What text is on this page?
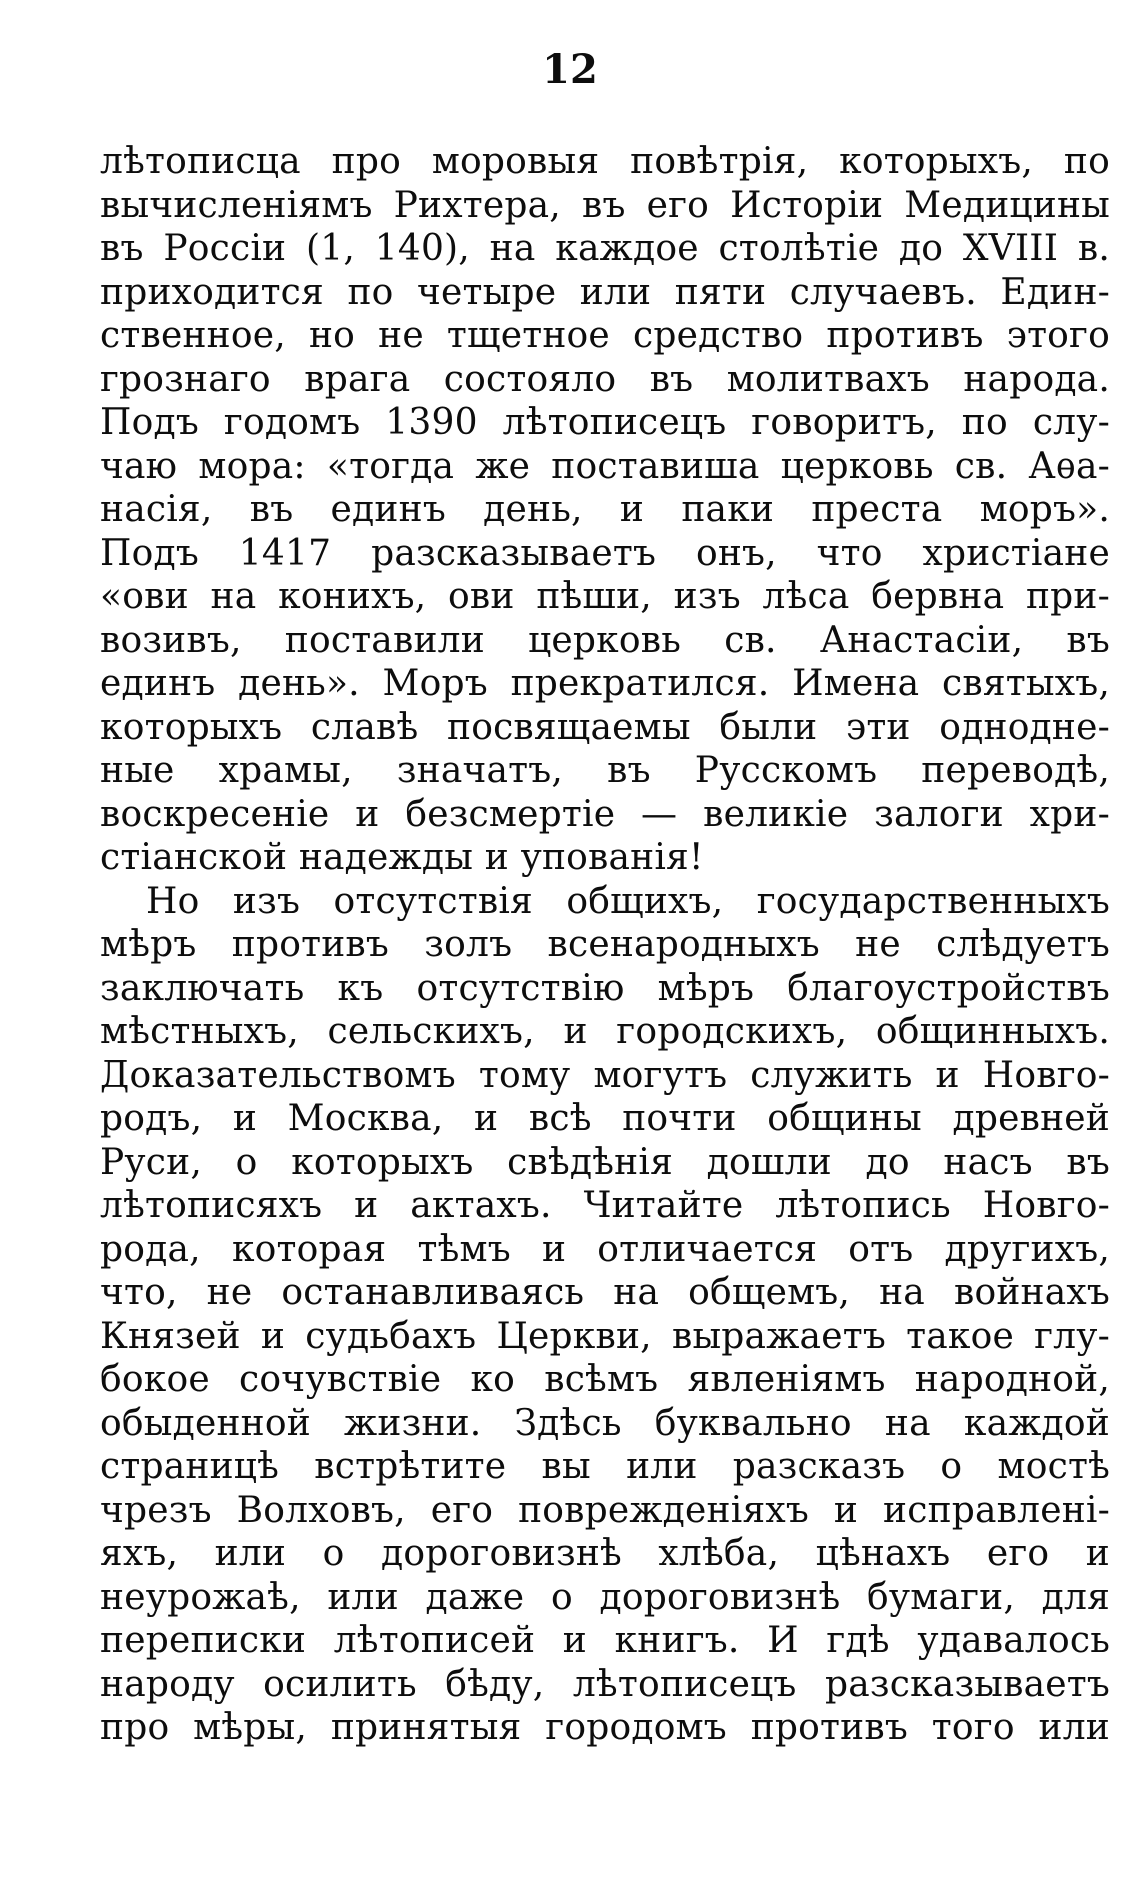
12
лѣтописца про моровыя повѣтрія, которыхъ, по
вычисленіямъ Рихтера, въ его Исторіи Медицины
въ Россіи (1, 140), на каждое столѣтіе до XVIII в.
приходится по четыре или пяти случаевъ. Един-
ственное, но не тщетное средство противъ этого
грознаго врага состояло въ молитвахъ народа.
Подъ годомъ 1390 лѣтописецъ говоритъ, по слу-
чаю мора: «тогда же поставиша церковь св. Аѳа-
насія, въ единъ день, и паки преста моръ».
Подъ 1417 разсказываетъ онъ, что христiане
«ови на конихъ, ови пѣши, изъ лѣса бервна при-
возивъ, поставили церковь св. Анастасіи, въ
единъ день». Моръ прекратился. Имена святыхъ,
которыхъ славѣ посвящаемы были эти однодне-
ные храмы, значатъ, въ Русскомъ переводѣ,
воскресеніе и безсмертіе — великіе залоги хри-
стіанской надежды и упованія!
Но изъ отсутствія общихъ, государственныхъ
мѣръ противъ золъ всенародныхъ не слѣдуетъ
заключать къ отсутствію мѣръ благоустройствъ
мѣстныхъ, сельскихъ, и городскихъ, общинныхъ.
Доказательствомъ тому могутъ служить и Новго-
родъ, и Москва, и всѣ почти общины древней
Руси, о которыхъ свѣдѣнія дошли до насъ въ
лѣтописяхъ и актахъ. Читайте лѣтопись Новго-
рода, которая тѣмъ и отличается отъ другихъ,
что, не останавливаясь на общемъ, на войнахъ
Князей и судьбахъ Церкви, выражаетъ такое глу-
бокое сочувствіе ко всѣмъ явленіямъ народной,
обыденной жизни. Здѣсь буквально на каждой
страницѣ встрѣтите вы или разсказъ о мостѣ
чрезъ Волховъ, его поврежденіяхъ и исправлені-
яхъ, или о дороговизнѣ хлѣба, цѣнахъ его и
неурожаѣ, или даже о дороговизнѣ бумаги, для
переписки лѣтописей и книгъ. И гдѣ удавалось
народу осилить бѣду, лѣтописецъ разсказываетъ
про мѣры, принятыя городомъ противъ того или
